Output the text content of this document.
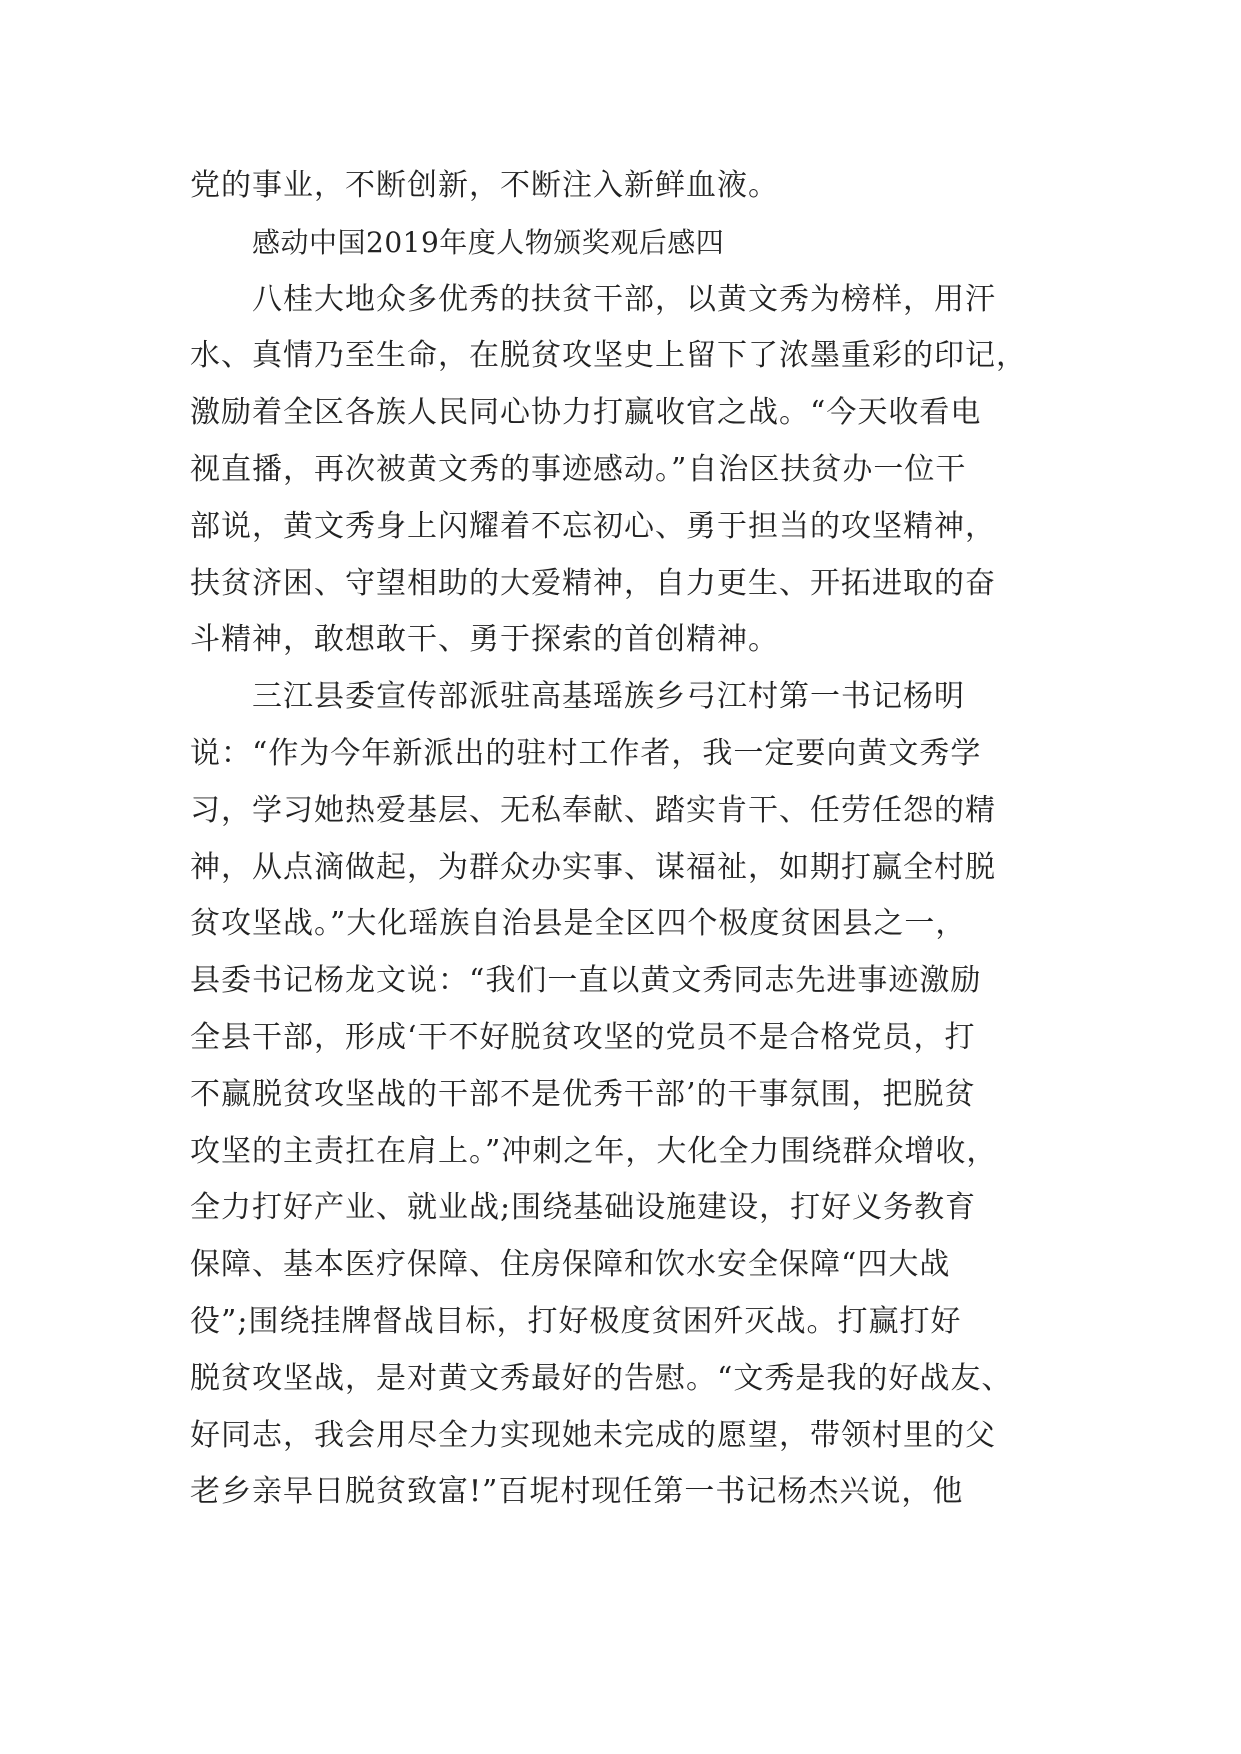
党的事业，不断创新，不断注入新鲜血液。
感动中国2019年度人物颁奖观后感四
八桂大地众多优秀的扶贫干部，以黄文秀为榜样，用汗
水、真情乃至生命，在脱贫攻坚史上留下了浓墨重彩的印记，
激励着全区各族人民同心协力打赢收官之战。“今天收看电
视直播，再次被黄文秀的事迹感动。”自治区扶贫办一位干
部说，黄文秀身上闪耀着不忘初心、勇于担当的攻坚精神，
扶贫济困、守望相助的大爱精神，自力更生、开拓进取的奋
斗精神，敢想敢干、勇于探索的首创精神。
三江县委宣传部派驻高基瑶族乡弓江村第一书记杨明
说：“作为今年新派出的驻村工作者，我一定要向黄文秀学
习，学习她热爱基层、无私奉献、踏实肯干、任劳任怨的精
神，从点滴做起，为群众办实事、谋福祉，如期打赢全村脱
贫攻坚战。”大化瑶族自治县是全区四个极度贫困县之一，
县委书记杨龙文说：“我们一直以黄文秀同志先进事迹激励
全县干部，形成‘干不好脱贫攻坚的党员不是合格党员，打
不赢脱贫攻坚战的干部不是优秀干部’的干事氛围，把脱贫
攻坚的主责扛在肩上。”冲刺之年，大化全力围绕群众增收，
全力打好产业、就业战;围绕基础设施建设，打好义务教育
保障、基本医疗保障、住房保障和饮水安全保障“四大战
役”;围绕挂牌督战目标，打好极度贫困歼灭战。打赢打好
脱贫攻坚战，是对黄文秀最好的告慰。“文秀是我的好战友、
好同志，我会用尽全力实现她未完成的愿望，带领村里的父
老乡亲早日脱贫致富!”百坭村现任第一书记杨杰兴说，他
